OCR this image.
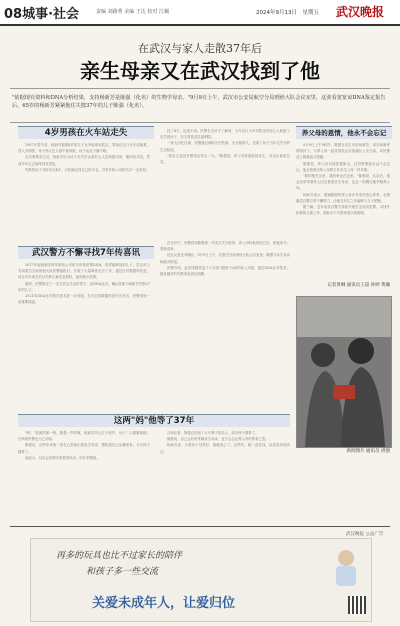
08城事·社会	责编 刘路秀 美编 王达 校对 江珮	2024年9月13日　星期五 武汉晚报
在武汉与家人走散37年后
亲生母亲又在武汉找到了他
"依据现有资料和DNA分析结果，支持杨新芳是陈强（化名）的生物学母亲。"9月9日上午，武汉市公安局航空分局刑侦大队会议室里，这张看宽宽谅DNA鉴定报告后，65岁的杨新芳紧紧抱住失散37年的儿子陈强（化名）。
4岁男孩在火车站走失

1987年春节后，杨新芳抱着4岁的儿子从外地来到武汉，准备在汉口火车站换乘，因人多拥挤，母子两人在人群中被冲散，孩子从此下落不明。

这次事情发生后，杨新芳以为孩子走失后会被好心人送到派出所，便四处寻找，然而多年过去始终没有消息。

失散的孩子当时年仅4岁，只依稀记得自己的小名，对家乡和父母的名字一无所知。

武汉警方不懈寻找7年传喜讯

2017年起杨新芳每年都向公安机关申请采集DNA，希望能够找到儿子。武汉市公安局航空分局刑侦大队民警接报后，开展了大量调查走访工作，通过比对数据库信息，结合历年来在武汉失散儿童信息资料，逐步缩小范围。

最终，民警锁定了一名在武汉生活的男子，经DNA比对，确认其即为杨新芳失散37年的儿子。

2021年DNA比对相关技术进一步发展，在对全国数据库进行比对后，民警发现一条重要线索。

找了4天，也找不到。民警在走访中了解到，当年汉口火车站附近有好心人收留了走失的孩子，后又将其送往福利院。

一家人回忆往事，民警通过调取历史档案、走访知情人，还原了孩子当年走失后的生活轨迹。

"我自己也没有想到会有这一天。"陈强说，养父母待他如同亲生，从未让他吃过苦。

在走访中，民警获知陈强被一对武汉夫妇收养，养父母待他视如己出，供他读书、帮他成家。

经过反复比对确认，9月9日上午，在航空分局刑侦大队会议室里，陈强与亲生母亲杨新芳相见。

民警介绍，此次团圆得益于公安部"团圆"行动的深入开展，通过DNA比对技术，越来越多的失散家庭得以团聚。

养父母的恩情，他永不会忘记

9月9日上午9时许，陈强在亲生母亲杨新芳、弟弟杨新军的陪伴下，与养父母一起来到武汉东西湖区公安分局，向民警送上锦旗表示感谢。

陈强说，养父母对他恩重如山，这份恩情他永远不会忘记。他会把两边的父母都当作亲生父母一样孝敬。

"我的根在这里，我的家也在这里。"陈强说，认亲后，他会经常带着家人回去看望亲生母亲，也会一如既往地孝顺养父母。

杨新芳表示，感谢陈强的养父母多年来的悉心养育，也感谢武汉警方的不懈努力，让她在有生之年能够与儿子团聚。

据了解，近年来武汉警方持续开展打击拐卖犯罪、寻找失踪被拐儿童工作，帮助多个失散家庭实现团圆。

记者黄琳 通讯员王超 孙婷 黄珮
新闻图片 通讯员 供图
这两"妈"他等了37年

"妈！"见面的那一刻，陈强一声呼喊，杨新芳早已泣不成声。母子二人紧紧相拥，在场的民警也为之动容。

陈强说，这些年来他一直在心里惦记着亲生母亲，想知道自己从哪里来。今天终于圆梦了。

他表示，以后会常常回来看望母亲，好好孝敬她。

告别记者，陈强已经找了大半辈子的亲人，如今终于圆梦了。

陈强说，自己会好好孝顺亲生母亲，也不会忘记养父母的养育之恩。

杨新芳说，只要孩子过得好，她就放心了。这些年，她一直在找，从来没有放弃过。

武汉晚报 公益广告
再多的玩具也比不过家长的陪伴
和孩子多一些交流
关爱未成年人，让爱归位
